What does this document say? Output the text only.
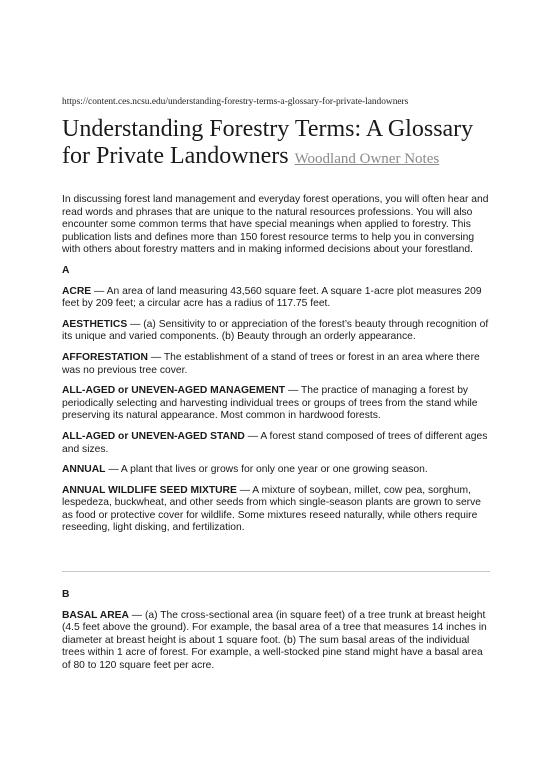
https://content.ces.ncsu.edu/understanding-forestry-terms-a-glossary-for-private-landowners
Understanding Forestry Terms: A Glossary for Private Landowners Woodland Owner Notes

In discussing forest land management and everyday forest operations, you will often hear and read words and phrases that are unique to the natural resources professions. You will also encounter some common terms that have special meanings when applied to forestry. This publication lists and defines more than 150 forest resource terms to help you in conversing with others about forestry matters and in making informed decisions about your forestland.

A

ACRE — An area of land measuring 43,560 square feet. A square 1-acre plot measures 209 feet by 209 feet; a circular acre has a radius of 117.75 feet.

AESTHETICS — (a) Sensitivity to or appreciation of the forest’s beauty through recognition of its unique and varied components. (b) Beauty through an orderly appearance.

AFFORESTATION — The establishment of a stand of trees or forest in an area where there was no previous tree cover.

ALL-AGED or UNEVEN-AGED MANAGEMENT — The practice of managing a forest by periodically selecting and harvesting individual trees or groups of trees from the stand while preserving its natural appearance. Most common in hardwood forests.

ALL-AGED or UNEVEN-AGED STAND — A forest stand composed of trees of different ages and sizes.

ANNUAL — A plant that lives or grows for only one year or one growing season.

ANNUAL WILDLIFE SEED MIXTURE — A mixture of soybean, millet, cow pea, sorghum, lespedeza, buckwheat, and other seeds from which single-season plants are grown to serve as food or protective cover for wildlife. Some mixtures reseed naturally, while others require reseeding, light disking, and fertilization.

B

BASAL AREA — (a) The cross-sectional area (in square feet) of a tree trunk at breast height (4.5 feet above the ground). For example, the basal area of a tree that measures 14 inches in diameter at breast height is about 1 square foot. (b) The sum basal areas of the individual trees within 1 acre of forest. For example, a well-stocked pine stand might have a basal area of 80 to 120 square feet per acre.
